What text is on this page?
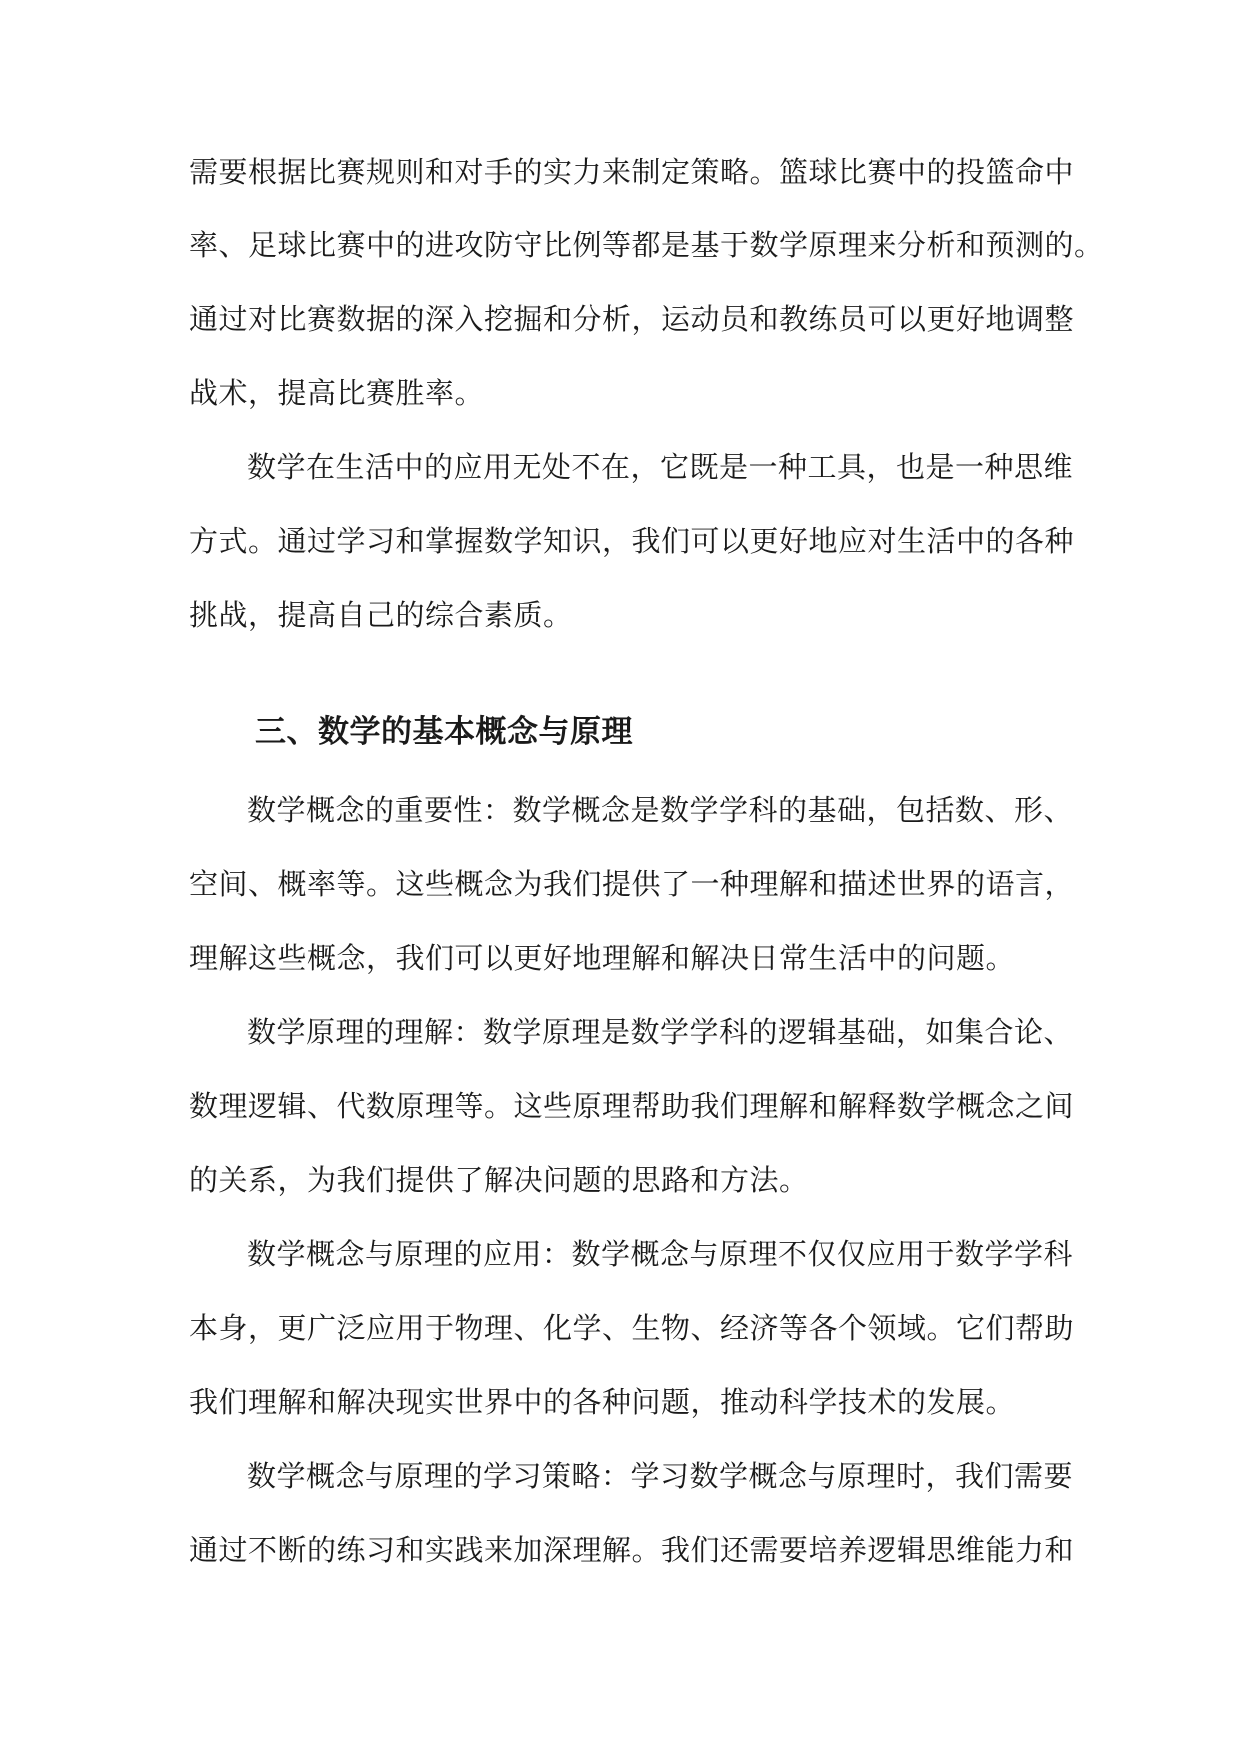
需要根据比赛规则和对手的实力来制定策略。篮球比赛中的投篮命中
率、足球比赛中的进攻防守比例等都是基于数学原理来分析和预测的。
通过对比赛数据的深入挖掘和分析，运动员和教练员可以更好地调整
战术，提高比赛胜率。
数学在生活中的应用无处不在，它既是一种工具，也是一种思维
方式。通过学习和掌握数学知识，我们可以更好地应对生活中的各种
挑战，提高自己的综合素质。
三、数学的基本概念与原理
数学概念的重要性：数学概念是数学学科的基础，包括数、形、
空间、概率等。这些概念为我们提供了一种理解和描述世界的语言，
理解这些概念，我们可以更好地理解和解决日常生活中的问题。
数学原理的理解：数学原理是数学学科的逻辑基础，如集合论、
数理逻辑、代数原理等。这些原理帮助我们理解和解释数学概念之间
的关系，为我们提供了解决问题的思路和方法。
数学概念与原理的应用：数学概念与原理不仅仅应用于数学学科
本身，更广泛应用于物理、化学、生物、经济等各个领域。它们帮助
我们理解和解决现实世界中的各种问题，推动科学技术的发展。
数学概念与原理的学习策略：学习数学概念与原理时，我们需要
通过不断的练习和实践来加深理解。我们还需要培养逻辑思维能力和
